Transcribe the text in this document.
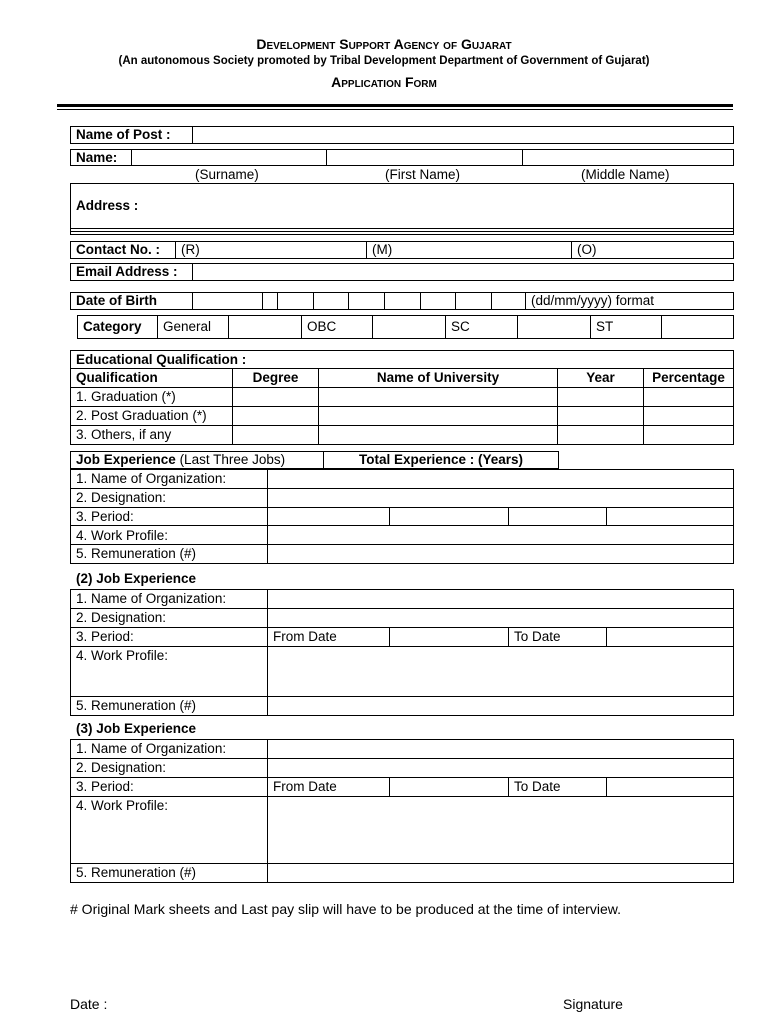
Development Support Agency of Gujarat
(An autonomous Society promoted by Tribal Development Department of Government of Gujarat)
Application Form
Name of Post :	
Name:			
(Surname)	(First Name)	(Middle Name)
Address :

Contact No. :	(R)	(M)	(O)
Email Address :	
Date of Birth										(dd/mm/yyyy) format
Category	General		OBC		SC		ST	
Educational Qualification :				
Qualification	Degree	Name of University	Year	Percentage
1. Graduation (*)				
2. Post Graduation (*)				
3. Others, if any				
Job Experience (Last Three Jobs)	Total Experience : (Years)	
1. Name of Organization:				
2. Designation:				
3. Period:				
4. Work Profile:				
5. Remuneration (#)				
(2) Job Experience
1. Name of Organization:				
2. Designation:				
3. Period:	From Date		To Date	
4. Work Profile:				
5. Remuneration (#)				
(3) Job Experience
1. Name of Organization:				
2. Designation:				
3. Period:	From Date		To Date	
4. Work Profile:				
5. Remuneration (#)				
# Original Mark sheets and Last pay slip will have to be produced at the time of interview.
Date :	Signature
